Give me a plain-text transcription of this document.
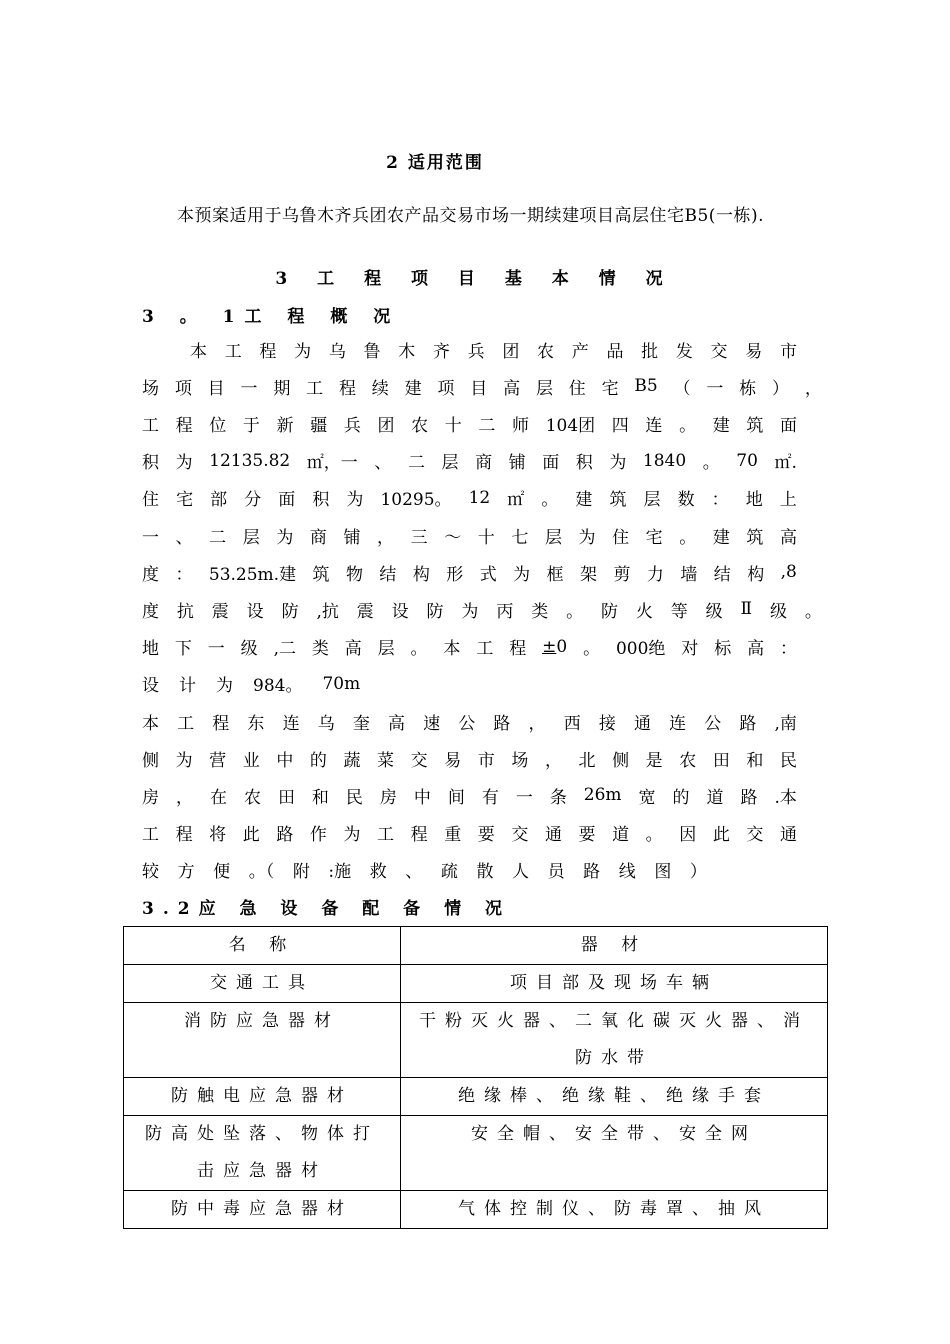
2 适用范围
本预案适用于乌鲁木齐兵团农产品交易市场一期续建项目高层住宅B5(一栋).
3 工 程 项 目 基 本 情 况
3 。 1工 程 概 况
本 工 程 为 乌 鲁 木 齐 兵 团 农 产 品 批 发 交 易 市
场 项 目 一 期 工 程 续 建 项 目 高 层 住 宅 B5 （ 一 栋 ） ，
工 程 位 于 新 疆 兵 团 农 十 二 师 104团 四 连 。 建 筑 面
积 为 12135.82 ㎡，一 、 二 层 商 铺 面 积 为 1840 。 70 ㎡.
住 宅 部 分 面 积 为 10295。 12 ㎡ 。 建 筑 层 数 ： 地 上
一 、 二 层 为 商 铺 ， 三 ～ 十 七 层 为 住 宅 。 建 筑 高
度 ： 53.25m.建 筑 物 结 构 形 式 为 框 架 剪 力 墙 结 构 ,8
度 抗 震 设 防 ,抗 震 设 防 为 丙 类 。 防 火 等 级 Ⅱ 级 。
地 下 一 级 ,二 类 高 层 。 本 工 程 ±0 。 000绝 对 标 高 ：
设 计 为 984。 70m
本 工 程 东 连 乌 奎 高 速 公 路 ， 西 接 通 连 公 路 ,南
侧 为 营 业 中 的 蔬 菜 交 易 市 场 ， 北 侧 是 农 田 和 民
房 ， 在 农 田 和 民 房 中 间 有 一 条 26m 宽 的 道 路 .本
工 程 将 此 路 作 为 工 程 重 要 交 通 要 道 。 因 此 交 通
较 方 便 。（ 附 :施 救 、 疏 散 人 员 路 线 图 ）
3.2应 急 设 备 配 备 情 况
名 称	器 材
交通工具	项目部及现场车辆
消防应急器材	干粉灭火器、二氧化碳灭火器、消防水带
防触电应急器材	绝缘棒、绝缘鞋、绝缘手套
防高处坠落、物体打击应急器材	安全帽、安全带、安全网
防中毒应急器材	气体控制仪、防毒罩、抽风
